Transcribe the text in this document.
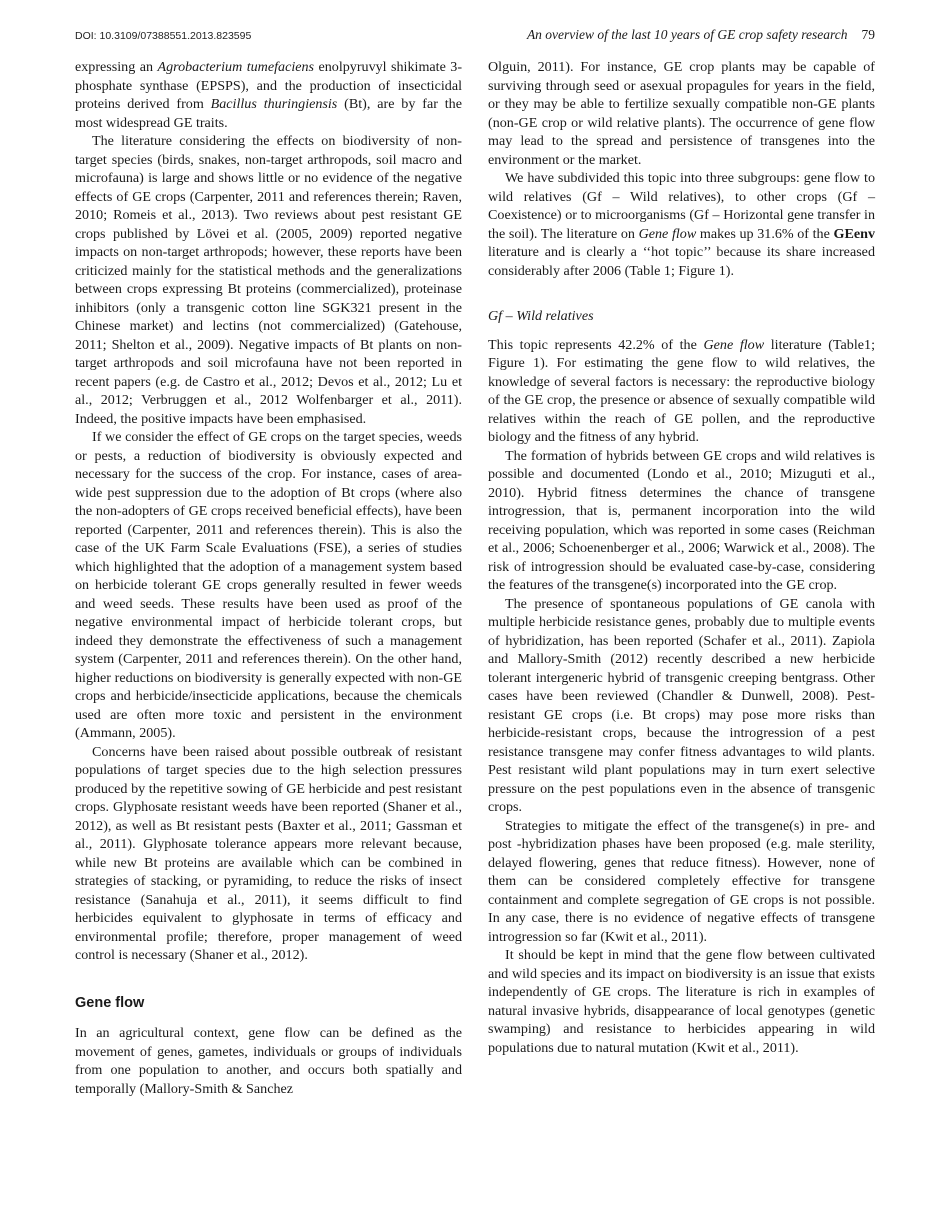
DOI: 10.3109/07388551.2013.823595	An overview of the last 10 years of GE crop safety research 79

expressing an Agrobacterium tumefaciens enolpyruvyl shikimate 3-phosphate synthase (EPSPS), and the production of insecticidal proteins derived from Bacillus thuringiensis (Bt), are by far the most widespread GE traits.

The literature considering the effects on biodiversity of non-target species (birds, snakes, non-target arthropods, soil macro and microfauna) is large and shows little or no evidence of the negative effects of GE crops (Carpenter, 2011 and references therein; Raven, 2010; Romeis et al., 2013). Two reviews about pest resistant GE crops published by Lövei et al. (2005, 2009) reported negative impacts on non-target arthropods; however, these reports have been criticized mainly for the statistical methods and the generalizations between crops expressing Bt proteins (commercialized), proteinase inhibitors (only a transgenic cotton line SGK321 present in the Chinese market) and lectins (not commercialized) (Gatehouse, 2011; Shelton et al., 2009). Negative impacts of Bt plants on non-target arthropods and soil microfauna have not been reported in recent papers (e.g. de Castro et al., 2012; Devos et al., 2012; Lu et al., 2012; Verbruggen et al., 2012 Wolfenbarger et al., 2011). Indeed, the positive impacts have been emphasised.

If we consider the effect of GE crops on the target species, weeds or pests, a reduction of biodiversity is obviously expected and necessary for the success of the crop. For instance, cases of area-wide pest suppression due to the adoption of Bt crops (where also the non-adopters of GE crops received beneficial effects), have been reported (Carpenter, 2011 and references therein). This is also the case of the UK Farm Scale Evaluations (FSE), a series of studies which highlighted that the adoption of a management system based on herbicide tolerant GE crops generally resulted in fewer weeds and weed seeds. These results have been used as proof of the negative environmental impact of herbicide tolerant crops, but indeed they demonstrate the effectiveness of such a management system (Carpenter, 2011 and references therein). On the other hand, higher reductions on biodiversity is generally expected with non-GE crops and herbicide/insecticide applications, because the chemicals used are often more toxic and persistent in the environment (Ammann, 2005).

Concerns have been raised about possible outbreak of resistant populations of target species due to the high selection pressures produced by the repetitive sowing of GE herbicide and pest resistant crops. Glyphosate resistant weeds have been reported (Shaner et al., 2012), as well as Bt resistant pests (Baxter et al., 2011; Gassman et al., 2011). Glyphosate tolerance appears more relevant because, while new Bt proteins are available which can be combined in strategies of stacking, or pyramiding, to reduce the risks of insect resistance (Sanahuja et al., 2011), it seems difficult to find herbicides equivalent to glyphosate in terms of efficacy and environmental profile; therefore, proper management of weed control is necessary (Shaner et al., 2012).

Gene flow

In an agricultural context, gene flow can be defined as the movement of genes, gametes, individuals or groups of individuals from one population to another, and occurs both spatially and temporally (Mallory-Smith & Sanchez

Olguin, 2011). For instance, GE crop plants may be capable of surviving through seed or asexual propagules for years in the field, or they may be able to fertilize sexually compatible non-GE plants (non-GE crop or wild relative plants). The occurrence of gene flow may lead to the spread and persistence of transgenes into the environment or the market.

We have subdivided this topic into three subgroups: gene flow to wild relatives (Gf – Wild relatives), to other crops (Gf – Coexistence) or to microorganisms (Gf – Horizontal gene transfer in the soil). The literature on Gene flow makes up 31.6% of the GEenv literature and is clearly a ‘‘hot topic’’ because its share increased considerably after 2006 (Table 1; Figure 1).

Gf – Wild relatives

This topic represents 42.2% of the Gene flow literature (Table1; Figure 1). For estimating the gene flow to wild relatives, the knowledge of several factors is necessary: the reproductive biology of the GE crop, the presence or absence of sexually compatible wild relatives within the reach of GE pollen, and the reproductive biology and the fitness of any hybrid.

The formation of hybrids between GE crops and wild relatives is possible and documented (Londo et al., 2010; Mizuguti et al., 2010). Hybrid fitness determines the chance of transgene introgression, that is, permanent incorporation into the wild receiving population, which was reported in some cases (Reichman et al., 2006; Schoenenberger et al., 2006; Warwick et al., 2008). The risk of introgression should be evaluated case-by-case, considering the features of the transgene(s) incorporated into the GE crop.

The presence of spontaneous populations of GE canola with multiple herbicide resistance genes, probably due to multiple events of hybridization, has been reported (Schafer et al., 2011). Zapiola and Mallory-Smith (2012) recently described a new herbicide tolerant intergeneric hybrid of transgenic creeping bentgrass. Other cases have been reviewed (Chandler & Dunwell, 2008). Pest-resistant GE crops (i.e. Bt crops) may pose more risks than herbicide-resistant crops, because the introgression of a pest resistance transgene may confer fitness advantages to wild plants. Pest resistant wild plant populations may in turn exert selective pressure on the pest populations even in the absence of transgenic crops.

Strategies to mitigate the effect of the transgene(s) in pre- and post -hybridization phases have been proposed (e.g. male sterility, delayed flowering, genes that reduce fitness). However, none of them can be considered completely effective for transgene containment and complete segregation of GE crops is not possible. In any case, there is no evidence of negative effects of transgene introgression so far (Kwit et al., 2011).

It should be kept in mind that the gene flow between cultivated and wild species and its impact on biodiversity is an issue that exists independently of GE crops. The literature is rich in examples of natural invasive hybrids, disappearance of local genotypes (genetic swamping) and resistance to herbicides appearing in wild populations due to natural mutation (Kwit et al., 2011).
